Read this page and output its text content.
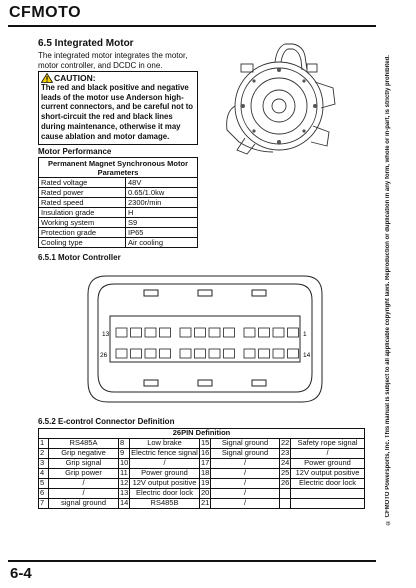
CFMOTO
6.5 Integrated Motor
The integrated motor integrates the motor, motor controller, and DCDC in one.
CAUTION:
The red and black positive and negative leads of the motor use Anderson high-current connectors, and be careful not to short-circuit the red and black lines during maintenance, otherwise it may cause ablation and motor damage.
Motor Performance
Permanent Magnet Synchronous Motor Parameters	
Rated voltage	48V
Rated power	0.65/1.0kw
Rated speed	2300r/min
Insulation grade	H
Working system	S9
Protection grade	IP65
Cooling type	Air cooling
6.5.1 Motor Controller
13	1
26	14
6.5.2 E-control Connector Definition
26PIN Definition							
1	RS485A	8	Low brake	15	Signal ground	22	Safety rope signal
2	Grip negative	9	Electric fence signal	16	Signal ground	23	/
3	Grip signal	10	/	17	/	24	Power ground
4	Grip power	11	Power ground	18	/	25	12V output positive
5	/	12	12V output positive	19	/	26	Electric door lock
6	/	13	Electric door lock	20	/		
7	signal ground	14	RS485B	21	/			© CFMOTO Powersports, Inc. This manual is subject to all applicable copyright laws. Reproduction or duplication in any form, whole or in-part, is strictly prohibited.
6-4
